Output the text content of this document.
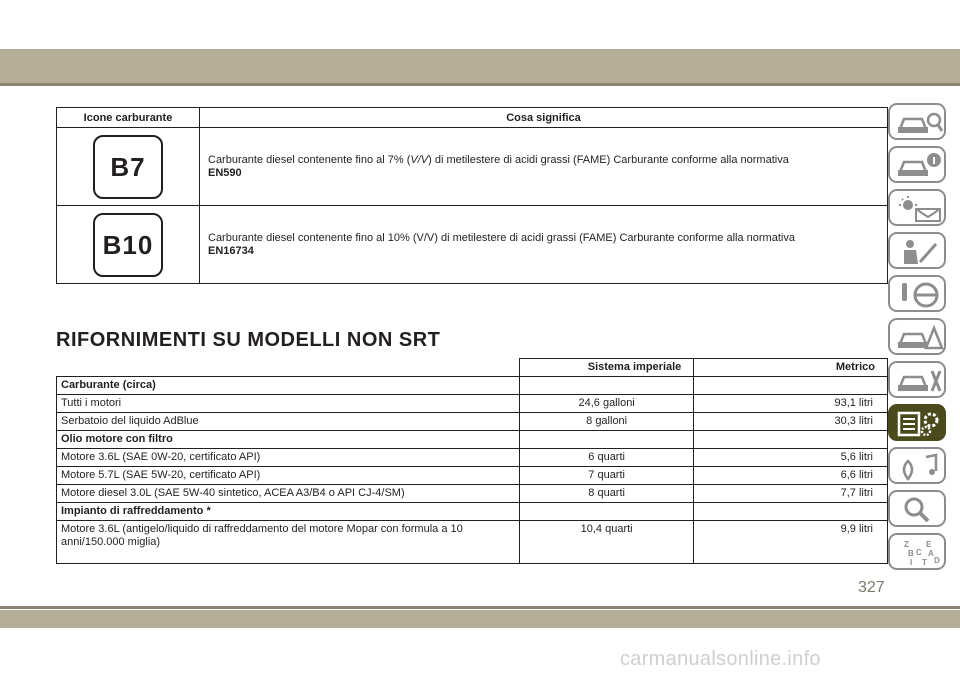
Icone carburante	Cosa significa
B7	Carburante diesel contenente fino al 7% (V/V) di metilestere di acidi grassi (FAME) Carburante conforme alla normativa
EN590
B10	Carburante diesel contenente fino al 10% (V/V) di metilestere di acidi grassi (FAME) Carburante conforme alla normativa
EN16734
RIFORNIMENTI SU MODELLI NON SRT
	Sistema imperiale	Metrico
Carburante (circa)		
Tutti i motori	24,6 galloni	93,1 litri
Serbatoio del liquido AdBlue	8 galloni	30,3 litri
Olio motore con filtro		
Motore 3.6L (SAE 0W-20, certificato API)	6 quarti	5,6 litri
Motore 5.7L (SAE 5W-20, certificato API)	7 quarti	6,6 litri
Motore diesel 3.0L (SAE 5W-40 sintetico, ACEA A3/B4 o API CJ-4/SM)	8 quarti	7,7 litri
Impianto di raffreddamento *		
Motore 3.6L (antigelo/liquido di raffreddamento del motore Mopar con formula a 10 anni/150.000 miglia)	10,4 quarti	9,9 litri
Z E
B A
C
D
I T
327
carmanualsonline.info
